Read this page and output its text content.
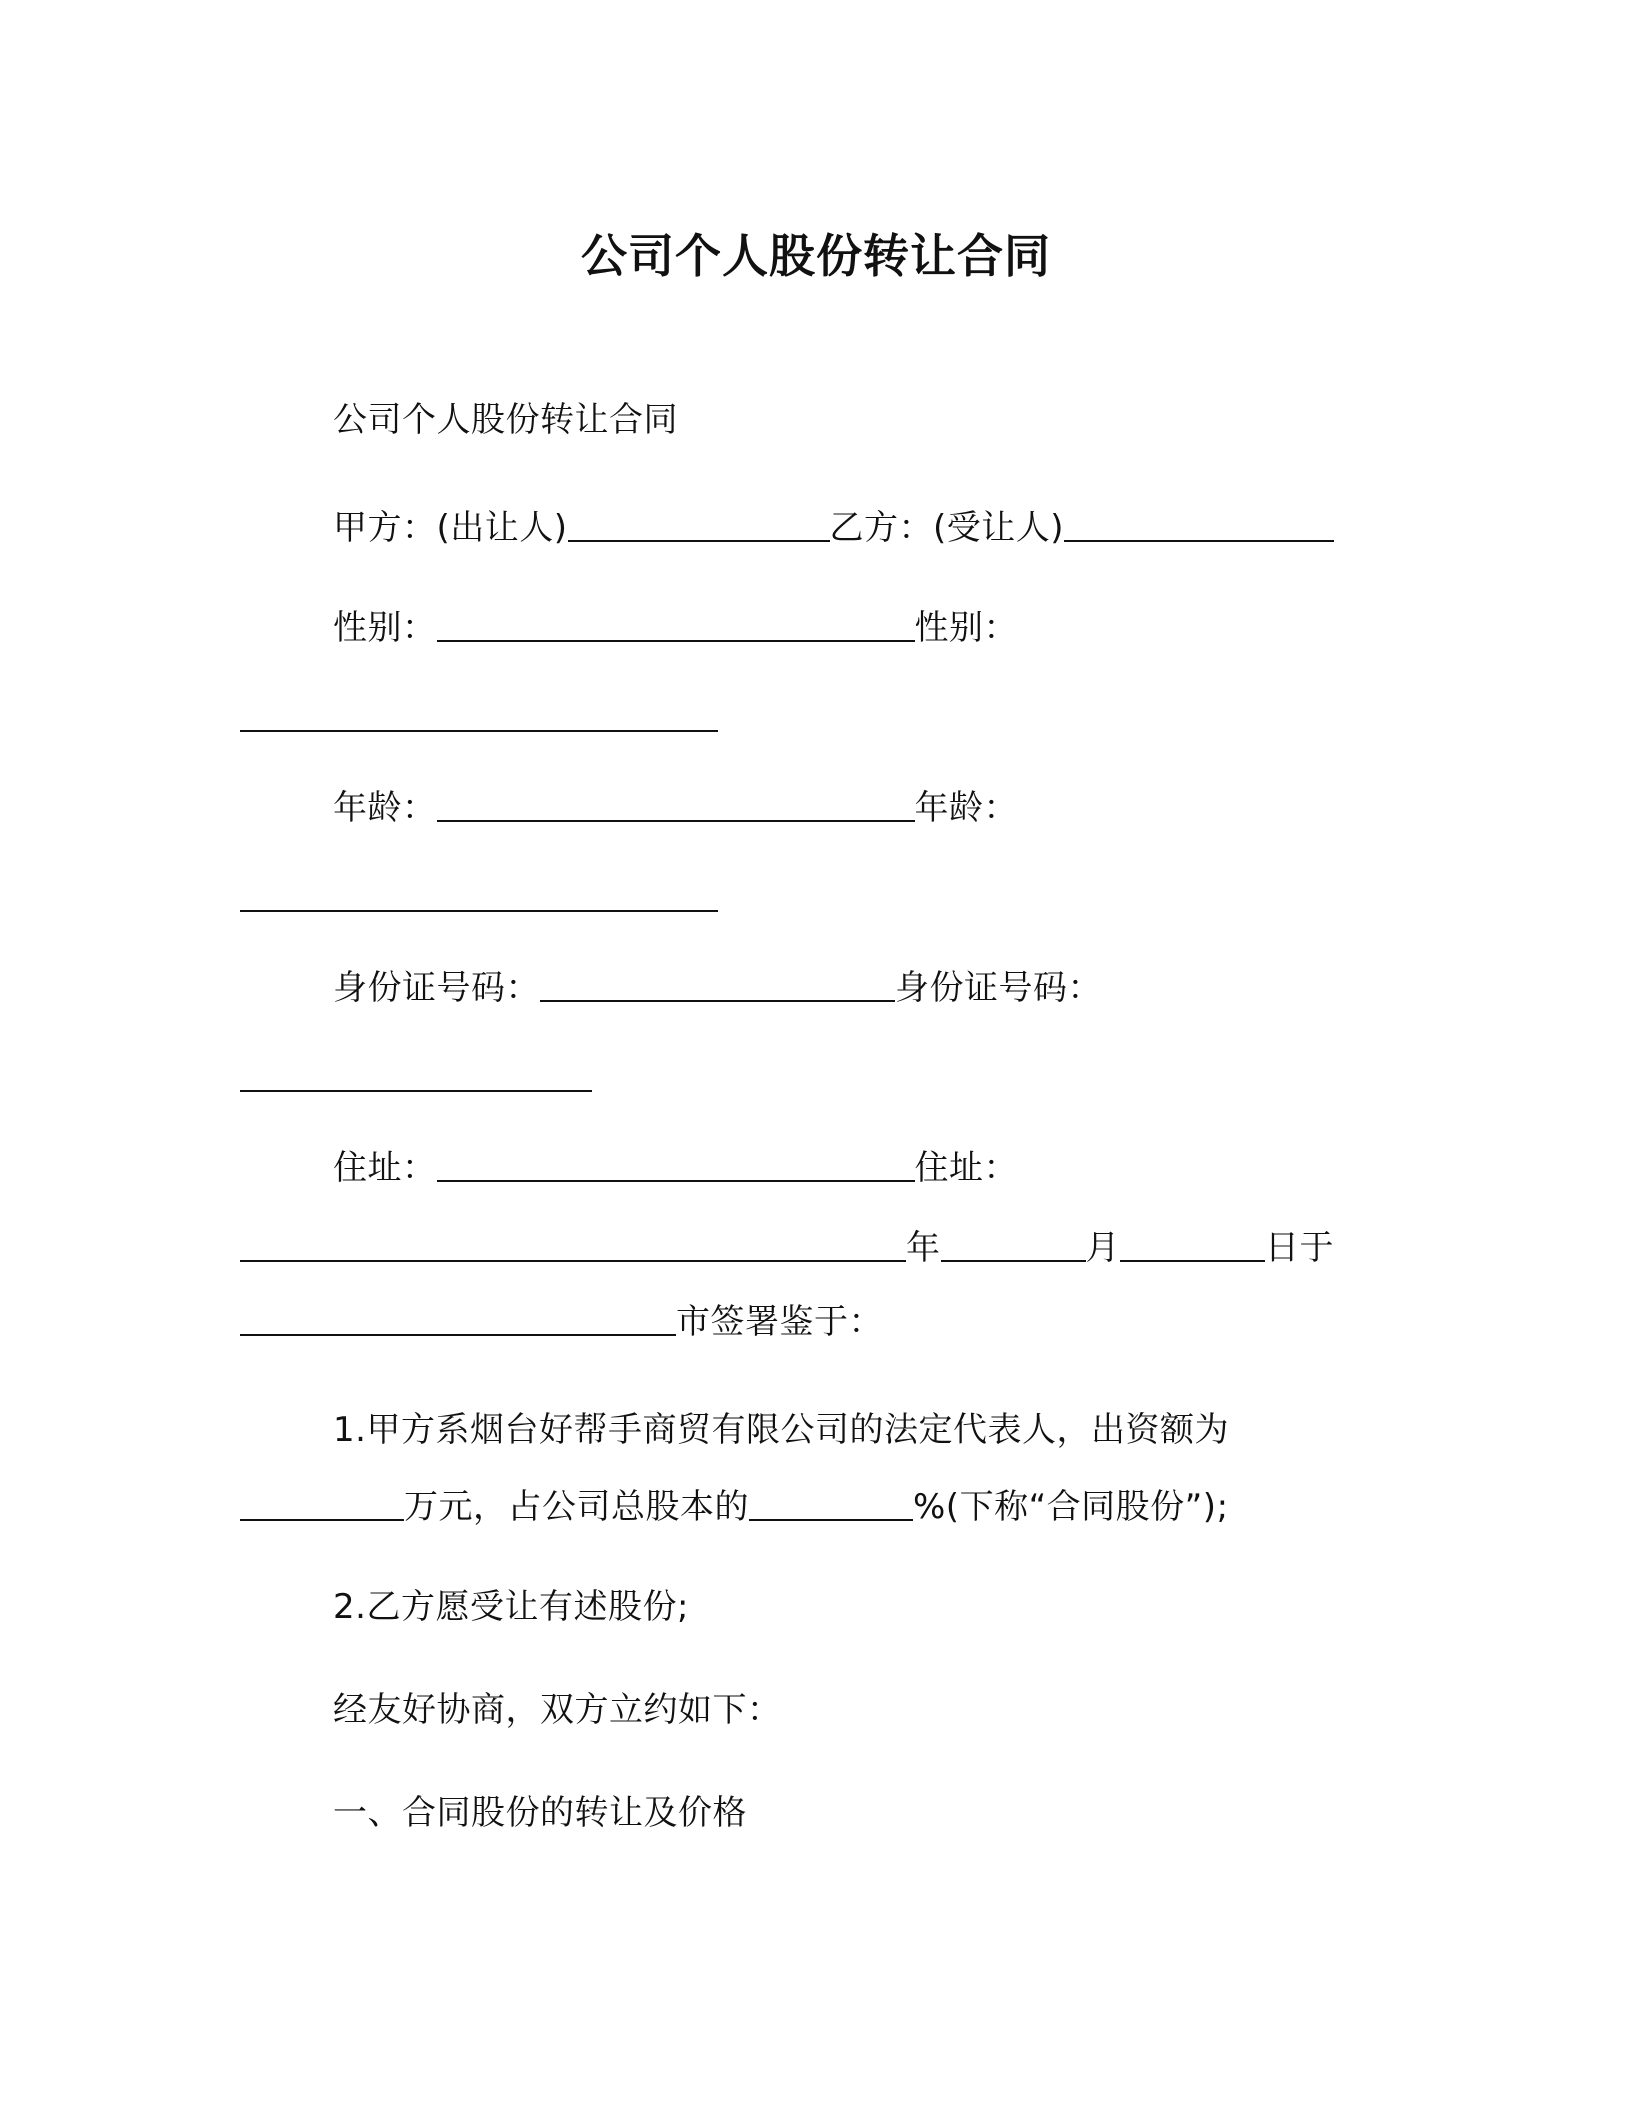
公司个人股份转让合同
公司个人股份转让合同
甲方：(出让人)	乙方：(受让人)
性别：	性别：
年龄：	年龄：
身份证号码：	身份证号码：
住址：	住址：
年	月	日于
市签署鉴于：
1.甲方系烟台好帮手商贸有限公司的法定代表人，出资额为
万元，占公司总股本的	%(下称“合同股份”);
2.乙方愿受让有述股份;
经友好协商，双方立约如下：
一、合同股份的转让及价格
